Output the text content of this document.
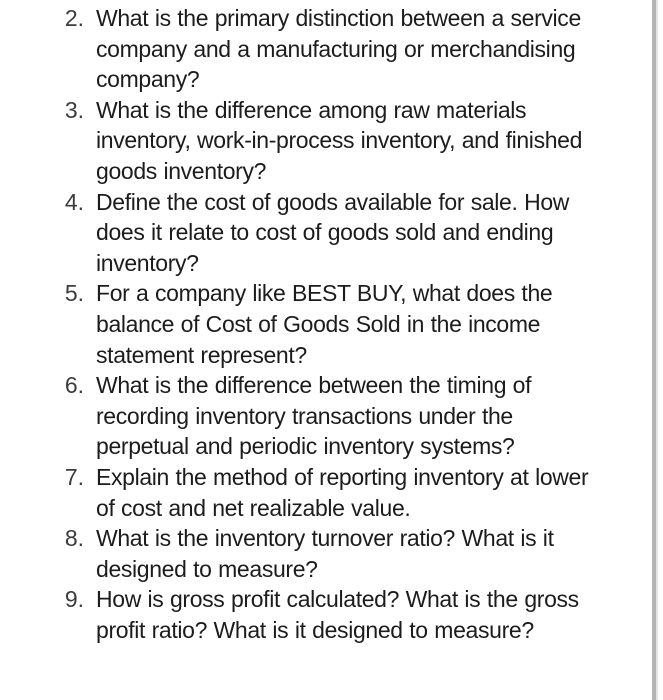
2. What is the primary distinction between a service
company and a manufacturing or merchandising
company?
3. What is the difference among raw materials
inventory, work-in-process inventory, and finished
goods inventory?
4. Define the cost of goods available for sale. How
does it relate to cost of goods sold and ending
inventory?
5. For a company like BEST BUY, what does the
balance of Cost of Goods Sold in the income
statement represent?
6. What is the difference between the timing of
recording inventory transactions under the
perpetual and periodic inventory systems?
7. Explain the method of reporting inventory at lower
of cost and net realizable value.
8. What is the inventory turnover ratio? What is it
designed to measure?
9. How is gross profit calculated? What is the gross
profit ratio? What is it designed to measure?
